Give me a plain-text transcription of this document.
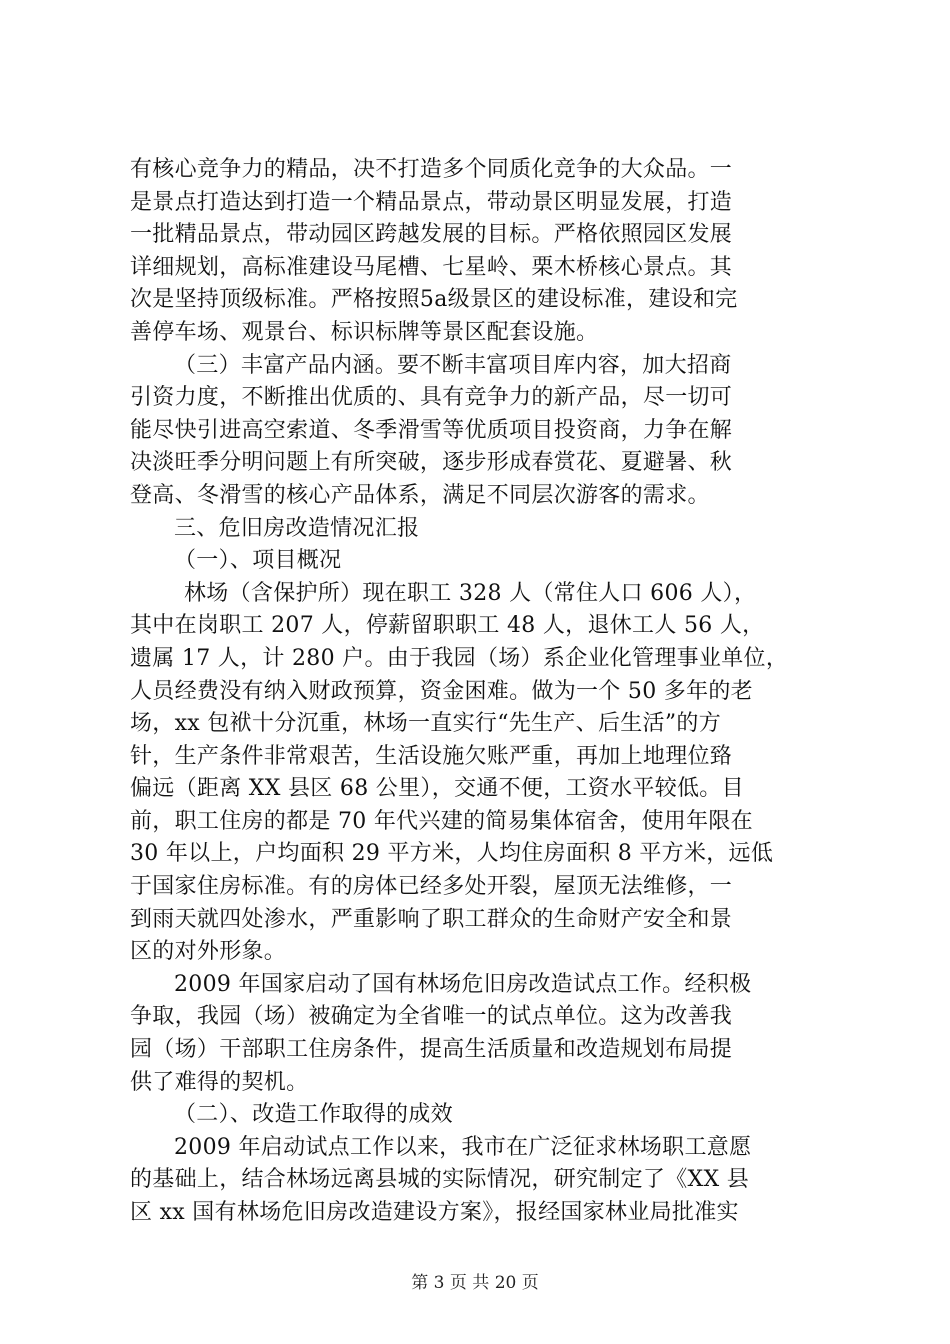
有核心竞争力的精品，决不打造多个同质化竞争的大众品。一
是景点打造达到打造一个精品景点，带动景区明显发展，打造
一批精品景点，带动园区跨越发展的目标。严格依照园区发展
详细规划，高标准建设马尾槽、七星岭、栗木桥核心景点。其
次是坚持顶级标准。严格按照5a级景区的建设标准，建设和完
善停车场、观景台、标识标牌等景区配套设施。
（三）丰富产品内涵。要不断丰富项目库内容，加大招商
引资力度，不断推出优质的、具有竞争力的新产品，尽一切可
能尽快引进高空索道、冬季滑雪等优质项目投资商，力争在解
决淡旺季分明问题上有所突破，逐步形成春赏花、夏避暑、秋
登高、冬滑雪的核心产品体系，满足不同层次游客的需求。
三、危旧房改造情况汇报
（一）、项目概况
林场（含保护所）现在职工 328 人（常住人口 606 人），
其中在岗职工 207 人，停薪留职职工 48 人，退休工人 56 人，
遗属 17 人，计 280 户。由于我园（场）系企业化管理事业单位，
人员经费没有纳入财政预算，资金困难。做为一个 50 多年的老
场，xx 包袱十分沉重，林场一直实行“先生产、后生活”的方
针，生产条件非常艰苦，生活设施欠账严重，再加上地理位臵
偏远（距离 XX 县区 68 公里），交通不便，工资水平较低。目
前，职工住房的都是 70 年代兴建的简易集体宿舍，使用年限在
30 年以上，户均面积 29 平方米，人均住房面积 8 平方米，远低
于国家住房标准。有的房体已经多处开裂，屋顶无法维修，一
到雨天就四处渗水，严重影响了职工群众的生命财产安全和景
区的对外形象。
2009 年国家启动了国有林场危旧房改造试点工作。经积极
争取，我园（场）被确定为全省唯一的试点单位。这为改善我
园（场）干部职工住房条件，提高生活质量和改造规划布局提
供了难得的契机。
（二）、改造工作取得的成效
2009 年启动试点工作以来，我市在广泛征求林场职工意愿
的基础上，结合林场远离县城的实际情况，研究制定了《XX 县
区 xx 国有林场危旧房改造建设方案》，报经国家林业局批准实
第 3 页 共 20 页
